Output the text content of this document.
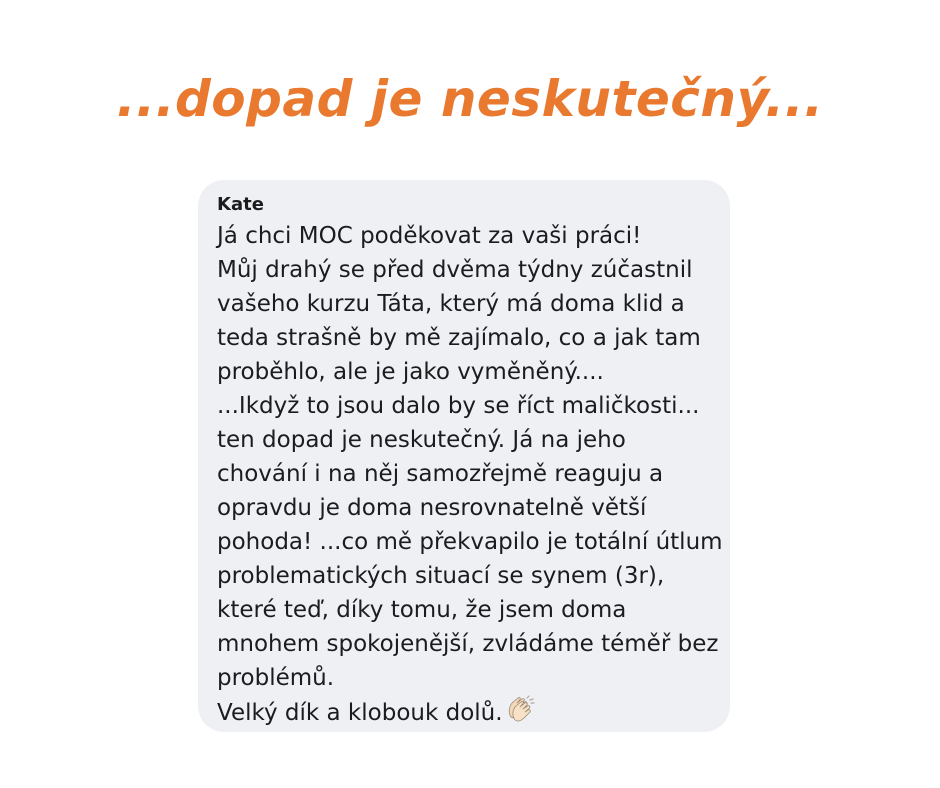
...dopad je neskutečný...
Kate
Já chci MOC poděkovat za vaši práci!
Můj drahý se před dvěma týdny zúčastnil
vašeho kurzu Táta, který má doma klid a
teda strašně by mě zajímalo, co a jak tam
proběhlo, ale je jako vyměněný....
...Ikdyž to jsou dalo by se říct maličkosti...
ten dopad je neskutečný. Já na jeho
chování i na něj samozřejmě reaguju a
opravdu je doma nesrovnatelně větší
pohoda! ...co mě překvapilo je totální útlum
problematických situací se synem (3r),
které teď, díky tomu, že jsem doma
mnohem spokojenější, zvládáme téměř bez
problémů.
Velký dík a klobouk dolů.
